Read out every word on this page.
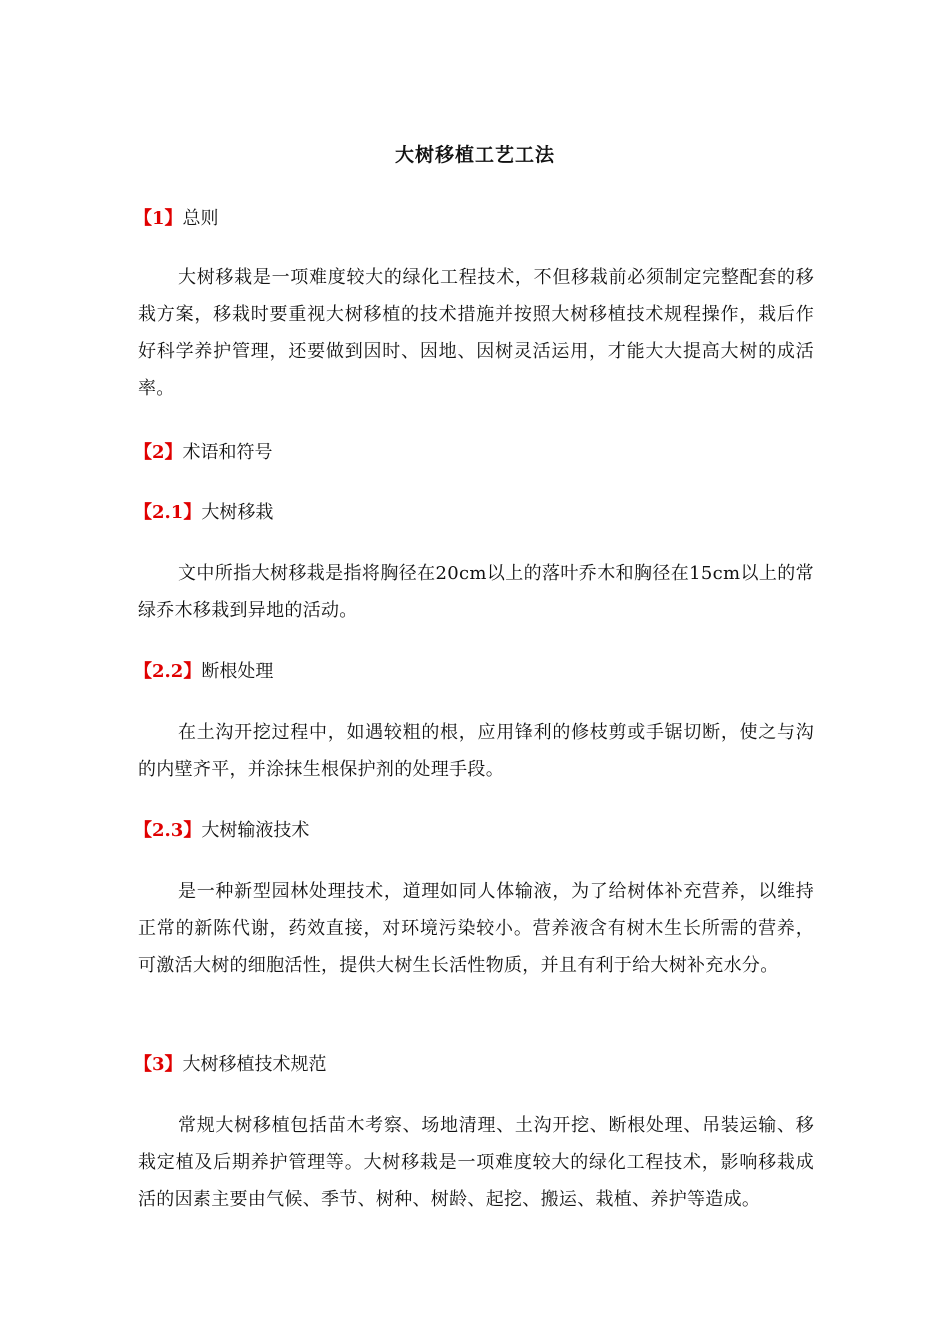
大树移植工艺工法
【1】总则
大树移栽是一项难度较大的绿化工程技术，不但移栽前必须制定完整配套的移栽方案，移栽时要重视大树移植的技术措施并按照大树移植技术规程操作，栽后作好科学养护管理，还要做到因时、因地、因树灵活运用，才能大大提高大树的成活率。
【2】术语和符号
【2.1】大树移栽
文中所指大树移栽是指将胸径在20cm以上的落叶乔木和胸径在15cm以上的常绿乔木移栽到异地的活动。
【2.2】断根处理
在土沟开挖过程中，如遇较粗的根，应用锋利的修枝剪或手锯切断，使之与沟的内壁齐平，并涂抹生根保护剂的处理手段。
【2.3】大树输液技术
是一种新型园林处理技术，道理如同人体输液，为了给树体补充营养，以维持正常的新陈代谢，药效直接，对环境污染较小。营养液含有树木生长所需的营养，可激活大树的细胞活性，提供大树生长活性物质，并且有利于给大树补充水分。
【3】大树移植技术规范
常规大树移植包括苗木考察、场地清理、土沟开挖、断根处理、吊装运输、移栽定植及后期养护管理等。大树移栽是一项难度较大的绿化工程技术，影响移栽成活的因素主要由气候、季节、树种、树龄、起挖、搬运、栽植、养护等造成。
